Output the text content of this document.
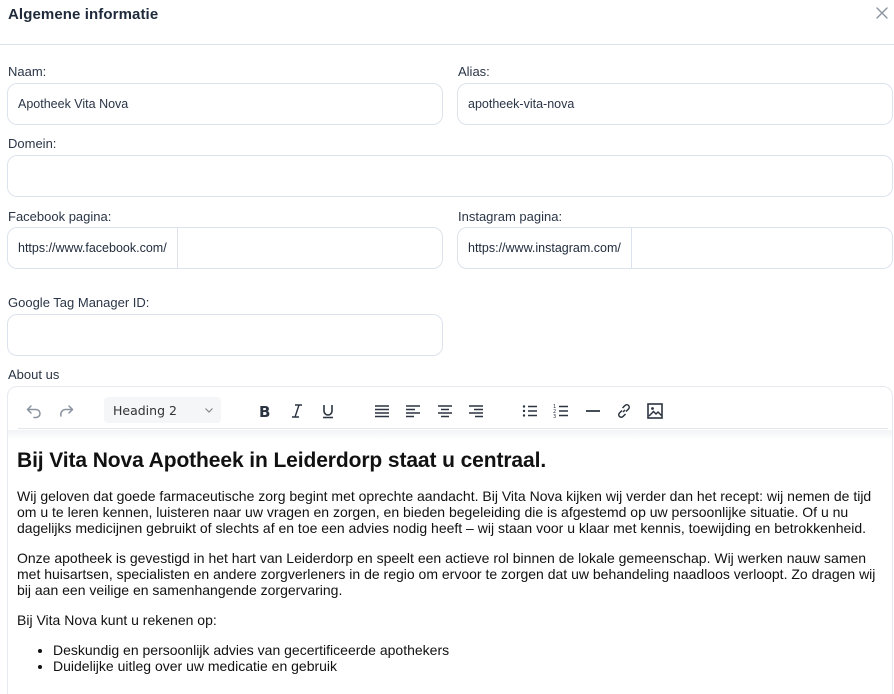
Algemene informatie
Naam:
Apotheek Vita Nova
Alias:
apotheek-vita-nova
Domein:
Facebook pagina:
https://www.facebook.com/
Instagram pagina:
https://www.instagram.com/
Google Tag Manager ID:
About us
Heading 2	B	1
2
3
Bij Vita Nova Apotheek in Leiderdorp staat u centraal.

Wij geloven dat goede farmaceutische zorg begint met oprechte aandacht. Bij Vita Nova kijken wij verder dan het recept: wij nemen de tijd om u te leren kennen, luisteren naar uw vragen en zorgen, en bieden begeleiding die is afgestemd op uw persoonlijke situatie. Of u nu dagelijks medicijnen gebruikt of slechts af en toe een advies nodig heeft – wij staan voor u klaar met kennis, toewijding en betrokkenheid.

Onze apotheek is gevestigd in het hart van Leiderdorp en speelt een actieve rol binnen de lokale gemeenschap. Wij werken nauw samen met huisartsen, specialisten en andere zorgverleners in de regio om ervoor te zorgen dat uw behandeling naadloos verloopt. Zo dragen wij bij aan een veilige en samenhangende zorgervaring.

Bij Vita Nova kunt u rekenen op:

• Deskundig en persoonlijk advies van gecertificeerde apothekers
• Duidelijke uitleg over uw medicatie en gebruik
